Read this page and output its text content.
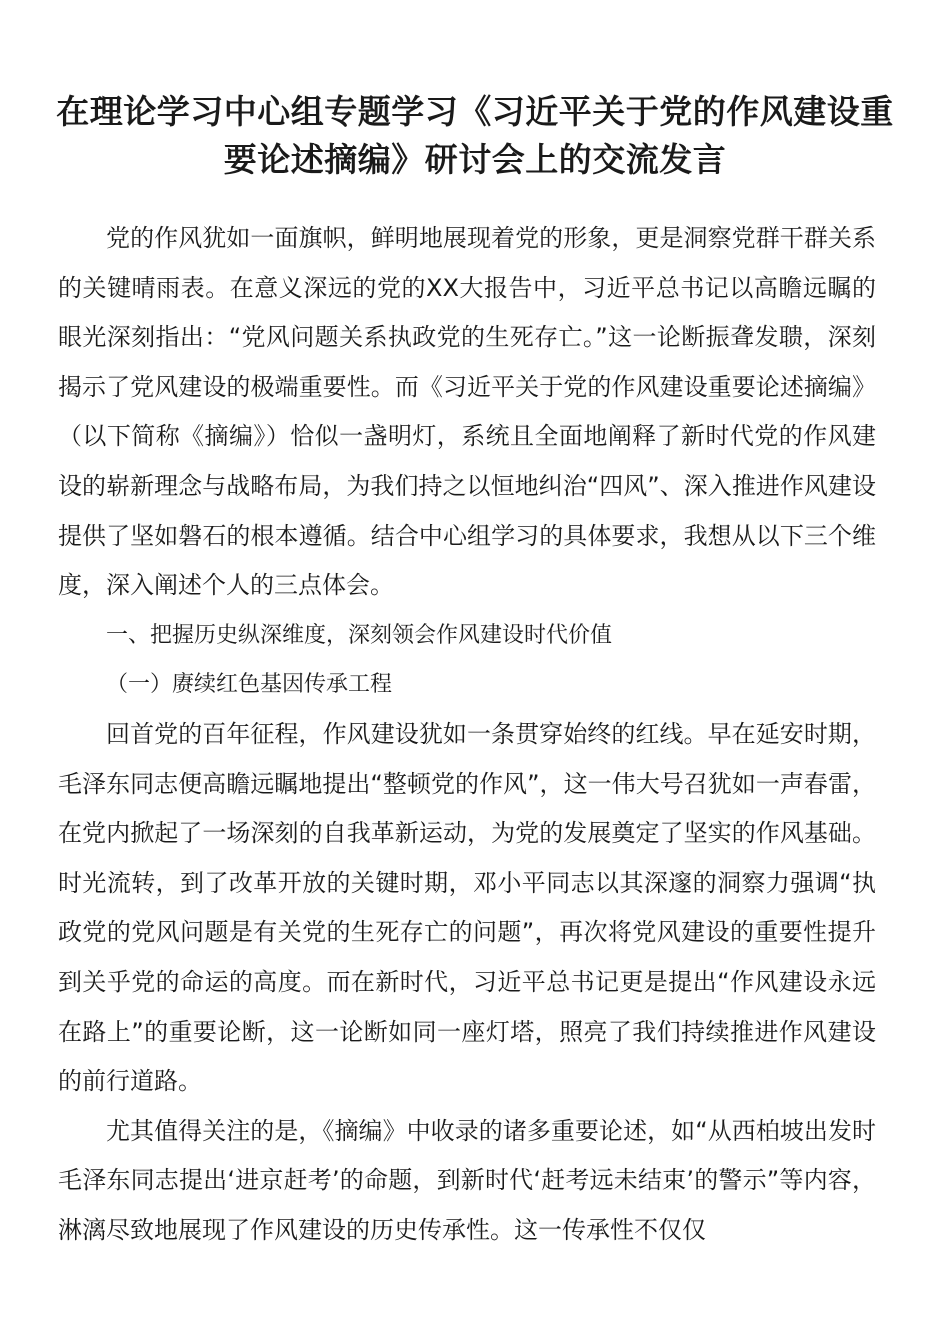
在理论学习中心组专题学习《习近平关于党的作风建设重要论述摘编》研讨会上的交流发言

党的作风犹如一面旗帜，鲜明地展现着党的形象，更是洞察党群干群关系的关键晴雨表。在意义深远的党的XX大报告中，习近平总书记以高瞻远瞩的眼光深刻指出：“党风问题关系执政党的生死存亡。”这一论断振聋发聩，深刻揭示了党风建设的极端重要性。而《习近平关于党的作风建设重要论述摘编》（以下简称《摘编》）恰似一盏明灯，系统且全面地阐释了新时代党的作风建设的崭新理念与战略布局，为我们持之以恒地纠治“四风”、深入推进作风建设提供了坚如磐石的根本遵循。结合中心组学习的具体要求，我想从以下三个维度，深入阐述个人的三点体会。

一、把握历史纵深维度，深刻领会作风建设时代价值

（一）赓续红色基因传承工程

回首党的百年征程，作风建设犹如一条贯穿始终的红线。早在延安时期，毛泽东同志便高瞻远瞩地提出“整顿党的作风”，这一伟大号召犹如一声春雷，在党内掀起了一场深刻的自我革新运动，为党的发展奠定了坚实的作风基础。时光流转，到了改革开放的关键时期，邓小平同志以其深邃的洞察力强调“执政党的党风问题是有关党的生死存亡的问题”，再次将党风建设的重要性提升到关乎党的命运的高度。而在新时代，习近平总书记更是提出“作风建设永远在路上”的重要论断，这一论断如同一座灯塔，照亮了我们持续推进作风建设的前行道路。

尤其值得关注的是，《摘编》中收录的诸多重要论述，如“从西柏坡出发时毛泽东同志提出‘进京赶考’的命题，到新时代‘赶考远未结束’的警示”等内容，淋漓尽致地展现了作风建设的历史传承性。这一传承性不仅仅
